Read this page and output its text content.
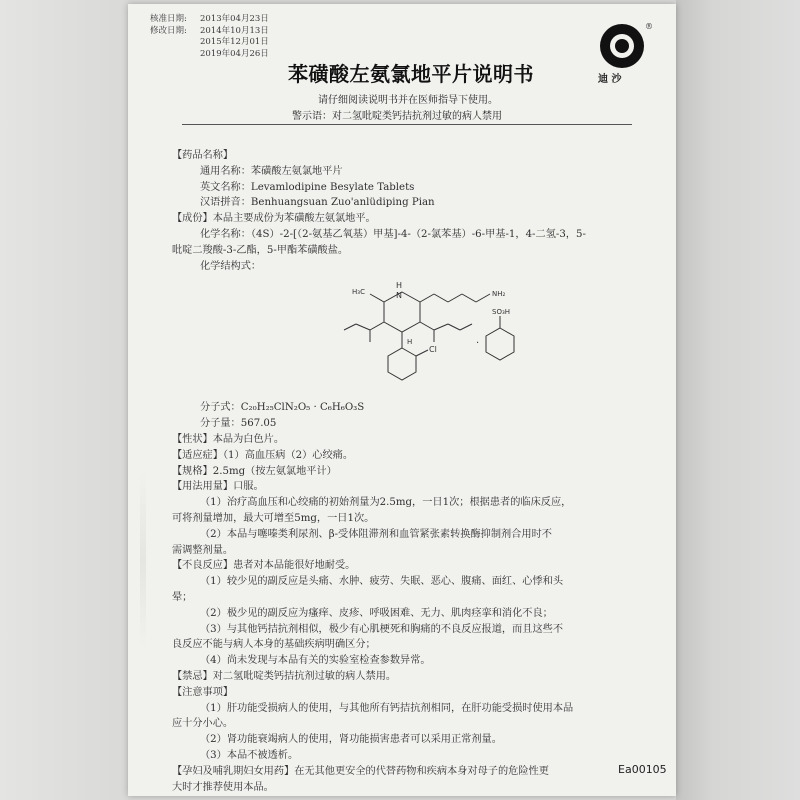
核准日期: 2013年04月23日
修改日期: 2014年10月13日
2015年12月01日
2019年04月26日
®
迪 沙
苯磺酸左氨氯地平片说明书
请仔细阅读说明书并在医师指导下使用。
警示语：对二氢吡啶类钙拮抗剂过敏的病人禁用

【药品名称】

通用名称：苯磺酸左氨氯地平片

英文名称：Levamlodipine Besylate Tablets

汉语拼音：Benhuangsuan Zuo'anlüdiping Pian

【成份】本品主要成份为苯磺酸左氨氯地平。

化学名称：（4S）-2-[（2-氨基乙氧基）甲基]-4-（2-氯苯基）-6-甲基-1，4-二氢-3，5-

吡啶二羧酸-3-乙酯，5-甲酯苯磺酸盐。

化学结构式：

H
N
H₃C	NH₂
SO₃H
Cl
H	·

分子式：C₂₀H₂₅ClN₂O₅ · C₆H₆O₃S

分子量：567.05

【性状】本品为白色片。

【适应症】（1）高血压病（2）心绞痛。

【规格】2.5mg（按左氨氯地平计）

【用法用量】口服。

（1）治疗高血压和心绞痛的初始剂量为2.5mg，一日1次；根据患者的临床反应，

可将剂量增加，最大可增至5mg，一日1次。

（2）本品与噻嗪类利尿剂、β-受体阻滞剂和血管紧张素转换酶抑制剂合用时不

需调整剂量。

【不良反应】患者对本品能很好地耐受。

（1）较少见的副反应是头痛、水肿、疲劳、失眠、恶心、腹痛、面红、心悸和头

晕；

（2）极少见的副反应为瘙痒、皮疹、呼吸困难、无力、肌肉痉挛和消化不良；

（3）与其他钙拮抗剂相似，极少有心肌梗死和胸痛的不良反应报道，而且这些不

良反应不能与病人本身的基础疾病明确区分；

（4）尚未发现与本品有关的实验室检查参数异常。

【禁忌】对二氢吡啶类钙拮抗剂过敏的病人禁用。

【注意事项】

（1）肝功能受损病人的使用，与其他所有钙拮抗剂相同，在肝功能受损时使用本品

应十分小心。

（2）肾功能衰竭病人的使用，肾功能损害患者可以采用正常剂量。

（3）本品不被透析。

【孕妇及哺乳期妇女用药】在无其他更安全的代替药物和疾病本身对母子的危险性更

大时才推荐使用本品。

Ea00105
